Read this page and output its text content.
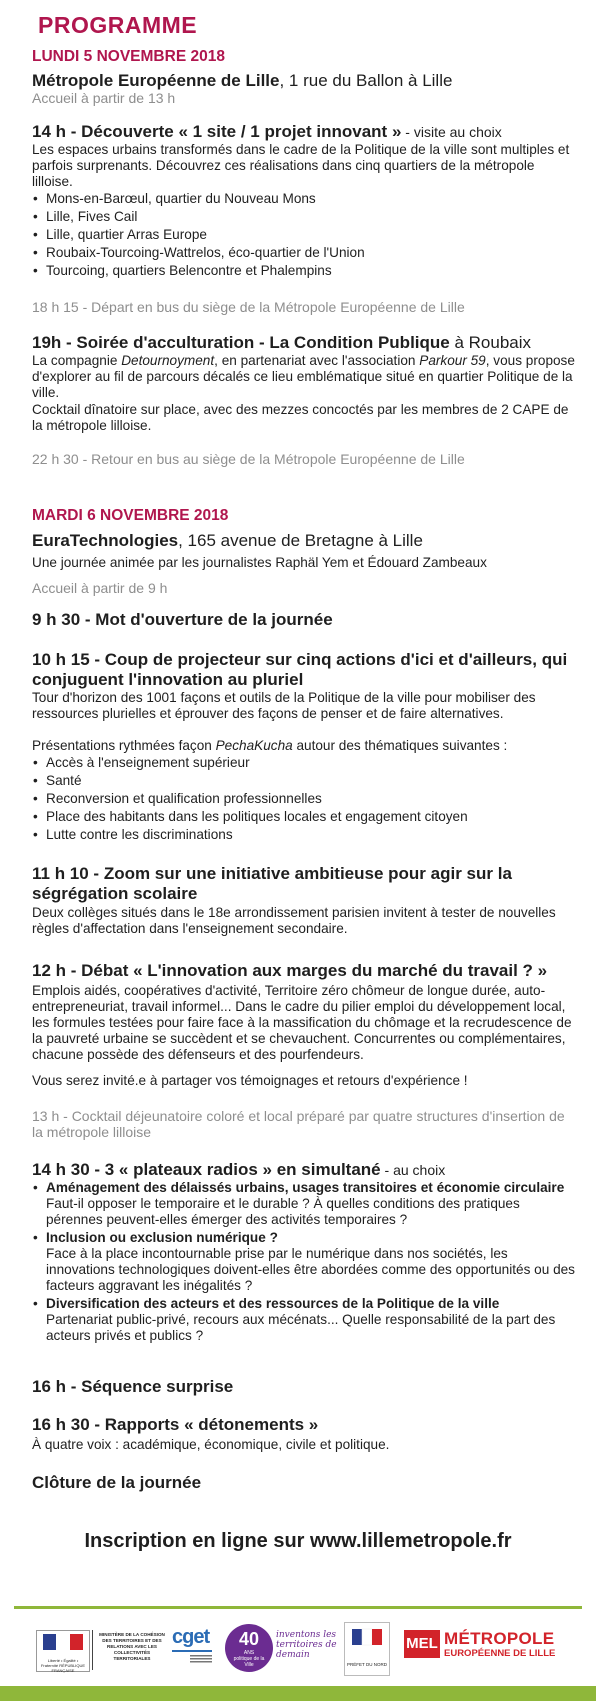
PROGRAMME
LUNDI 5 NOVEMBRE 2018
Métropole Européenne de Lille, 1 rue du Ballon à Lille
Accueil à partir de 13 h
14 h - Découverte « 1 site / 1 projet innovant » - visite au choix
Les espaces urbains transformés dans le cadre de la Politique de la ville sont multiples et parfois surprenants. Découvrez ces réalisations dans cinq quartiers de la métropole lilloise.
• Mons-en-Barœul, quartier du Nouveau Mons
• Lille, Fives Cail
• Lille, quartier Arras Europe
• Roubaix-Tourcoing-Wattrelos, éco-quartier de l'Union
• Tourcoing, quartiers Belencontre et Phalempins
18 h 15 - Départ en bus du siège de la Métropole Européenne de Lille
19h - Soirée d'acculturation - La Condition Publique à Roubaix
La compagnie Detournoyment, en partenariat avec l'association Parkour 59, vous propose d'explorer au fil de parcours décalés ce lieu emblématique situé en quartier Politique de la ville.
Cocktail dînatoire sur place, avec des mezzes concoctés par les membres de 2 CAPE de la métropole lilloise.
22 h 30 - Retour en bus au siège de la Métropole Européenne de Lille
MARDI 6 NOVEMBRE 2018
EuraTechnologies, 165 avenue de Bretagne à Lille
Une journée animée par les journalistes Raphäl Yem et Édouard Zambeaux
Accueil à partir de 9 h
9 h 30 - Mot d'ouverture de la journée
10 h 15 - Coup de projecteur sur cinq actions d'ici et d'ailleurs, qui conjuguent l'innovation au pluriel
Tour d'horizon des 1001 façons et outils de la Politique de la ville pour mobiliser des ressources plurielles et éprouver des façons de penser et de faire alternatives.
Présentations rythmées façon PechaKucha autour des thématiques suivantes :
• Accès à l'enseignement supérieur
• Santé
• Reconversion et qualification professionnelles
• Place des habitants dans les politiques locales et engagement citoyen
• Lutte contre les discriminations
11 h 10 - Zoom sur une initiative ambitieuse pour agir sur la ségrégation scolaire
Deux collèges situés dans le 18e arrondissement parisien invitent à tester de nouvelles règles d'affectation dans l'enseignement secondaire.
12 h - Débat « L'innovation aux marges du marché du travail ? »
Emplois aidés, coopératives d'activité, Territoire zéro chômeur de longue durée, auto-entrepreneuriat, travail informel... Dans le cadre du pilier emploi du développement local, les formules testées pour faire face à la massification du chômage et la recrudescence de la pauvreté urbaine se succèdent et se chevauchent. Concurrentes ou complémentaires, chacune possède des défenseurs et des pourfendeurs.
Vous serez invité.e à partager vos témoignages et retours d'expérience !
13 h - Cocktail déjeunatoire coloré et local préparé par quatre structures d'insertion de la métropole lilloise
14 h 30 - 3 « plateaux radios » en simultané - au choix
• Aménagement des délaissés urbains, usages transitoires et économie circulaire
Faut-il opposer le temporaire et le durable ? À quelles conditions des pratiques pérennes peuvent-elles émerger des activités temporaires ?
• Inclusion ou exclusion numérique ?
Face à la place incontournable prise par le numérique dans nos sociétés, les innovations technologiques doivent-elles être abordées comme des opportunités ou des facteurs aggravant les inégalités ?
• Diversification des acteurs et des ressources de la Politique de la ville
Partenariat public-privé, recours aux mécénats... Quelle responsabilité de la part des acteurs privés et publics ?
16 h - Séquence surprise
16 h 30 - Rapports « détonements »
À quatre voix : académique, économique, civile et politique.
Clôture de la journée
Inscription en ligne sur www.lillemetropole.fr
Liberté • Égalité • Fraternité RÉPUBLIQUE FRANÇAISE
MINISTÈRE DE LA COHÉSION DES TERRITOIRES ET DES RELATIONS AVEC LES COLLECTIVITÉS TERRITORIALES
cget	40
ANS
politique de la Ville
inventons les territoires de demain
PRÉFET DU NORD
MEL MÉTROPOLE
EUROPÉENNE DE LILLE
